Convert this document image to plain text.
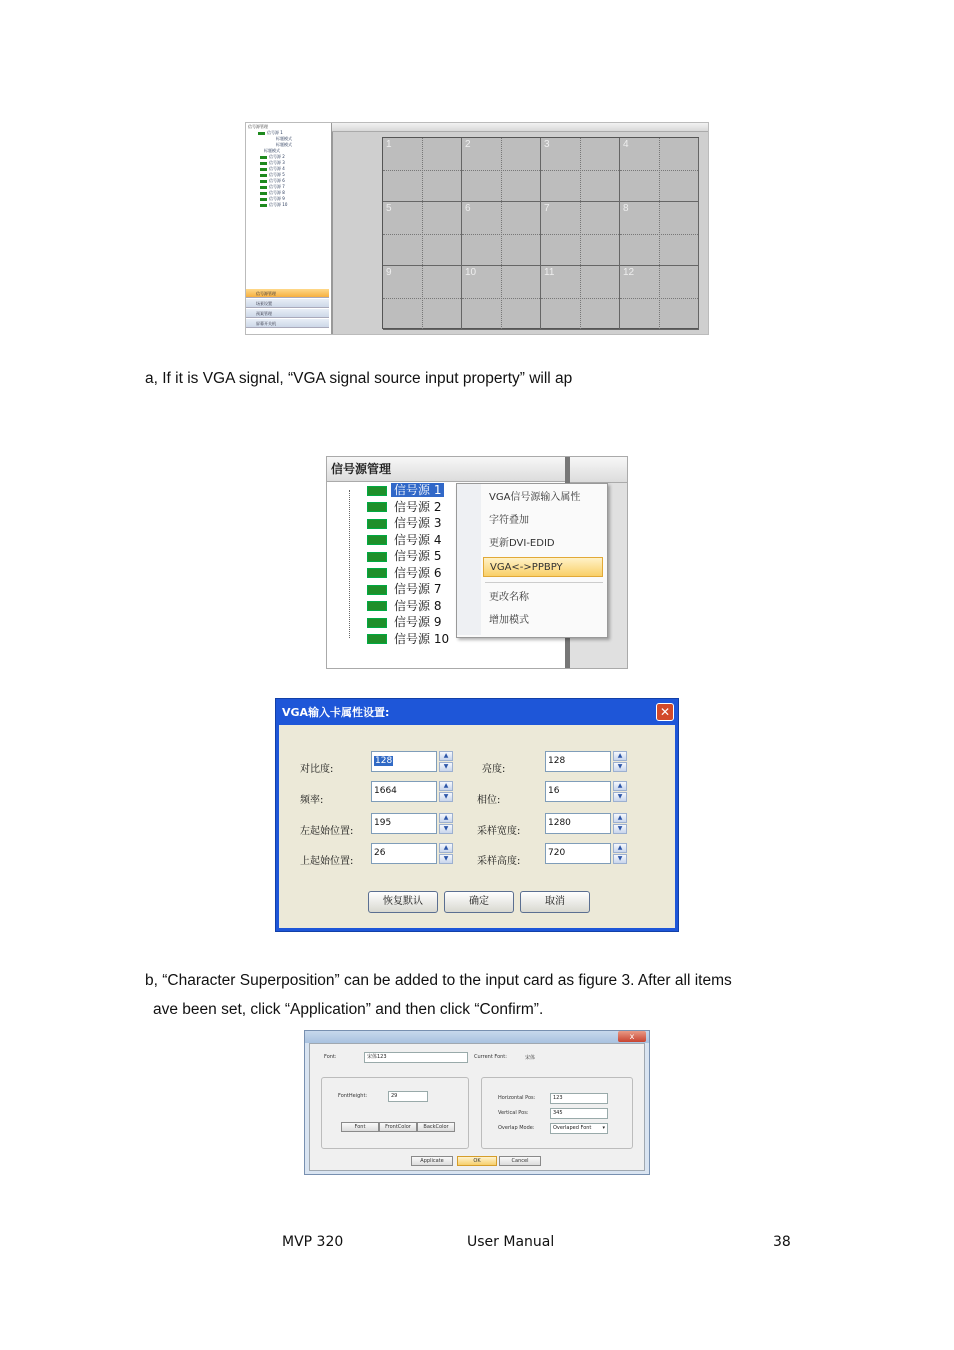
信号源管理
信号源 1
标题模式
标题模式
标题模式
信号源 2
信号源 3
信号源 4
信号源 5
信号源 6
信号源 7
信号源 8
信号源 9
信号源 10
信号源管理
场景设置
预案管理
屏幕开关机
1	2	3	4
5	6	7	8
9	10	11	12
a, If it is VGA signal, “VGA signal source input property” will ap
信号源管理
信号源 1
信号源 2
信号源 3
信号源 4
信号源 5
信号源 6
信号源 7
信号源 8
信号源 9
信号源 10
VGA信号源输入属性
字符叠加
更新DVI-EDID
VGA<->PPBPY
更改名称
增加模式
VGA输入卡属性设置:	✕
对比度:
128
▲
▼	亮度:
128
▲
▼
频率:
1664
▲
▼	相位:
16
▲
▼
左起始位置:
195
▲
▼	采样宽度:
1280
▲
▼
上起始位置:
26
▲
▼	采样高度:
720
▲
▼
恢复默认	确定	取消
b, “Character Superposition” can be added to the input card as figure 3. After all items
ave been set, click “Application” and then click “Confirm”.
x
Font:	宋体123	Current Font:	宋体
FontHeight:	29
Font	FrontColor	BackColor
Horizontal Pos:	123
Vertical Pos:	345
Overlap Mode:	Overlaped Font ▾
Applicate	OK	Cancel
MVP 320	User Manual	38
